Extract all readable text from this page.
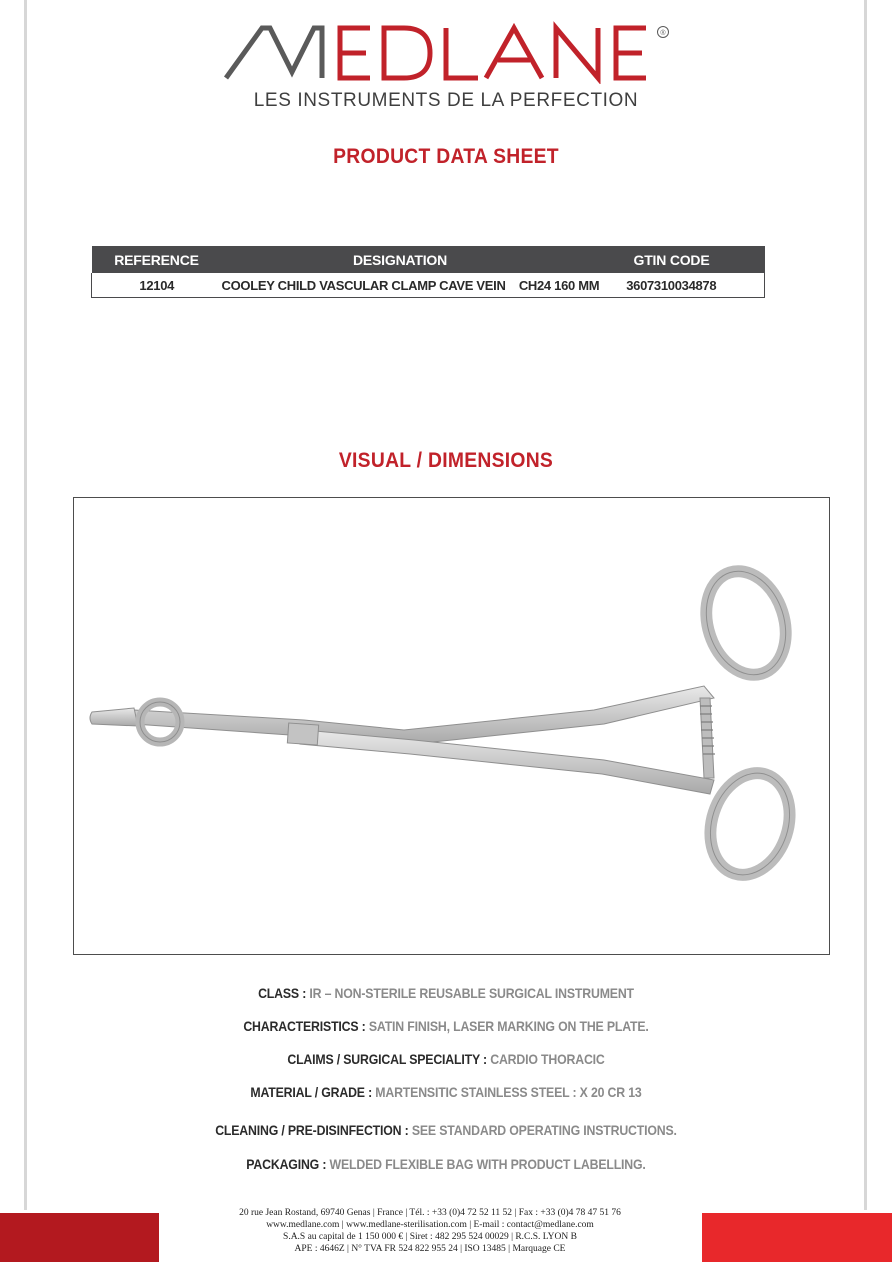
®
LES INSTRUMENTS DE LA PERFECTION
PRODUCT DATA SHEET
REFERENCE	DESIGNATION	GTIN CODE
12104	COOLEY CHILD VASCULAR CLAMP CAVE VEIN    CH24 160 MM	3607310034878
VISUAL / DIMENSIONS
CLASS : IR – NON-STERILE REUSABLE SURGICAL INSTRUMENT
CHARACTERISTICS : SATIN FINISH, LASER MARKING ON THE PLATE.
CLAIMS / SURGICAL SPECIALITY : CARDIO THORACIC
MATERIAL / GRADE : MARTENSITIC STAINLESS STEEL : X 20 CR 13
CLEANING / PRE-DISINFECTION : SEE STANDARD OPERATING INSTRUCTIONS.
PACKAGING : WELDED FLEXIBLE BAG WITH PRODUCT LABELLING.
20 rue Jean Rostand, 69740 Genas | France | Tél. : +33 (0)4 72 52 11 52 | Fax : +33 (0)4 78 47 51 76
www.medlane.com | www.medlane-sterilisation.com | E-mail : contact@medlane.com
S.A.S au capital de 1 150 000 € | Siret : 482 295 524 00029 | R.C.S. LYON B
APE : 4646Z | N° TVA FR 524 822 955 24 | ISO 13485 | Marquage CE
